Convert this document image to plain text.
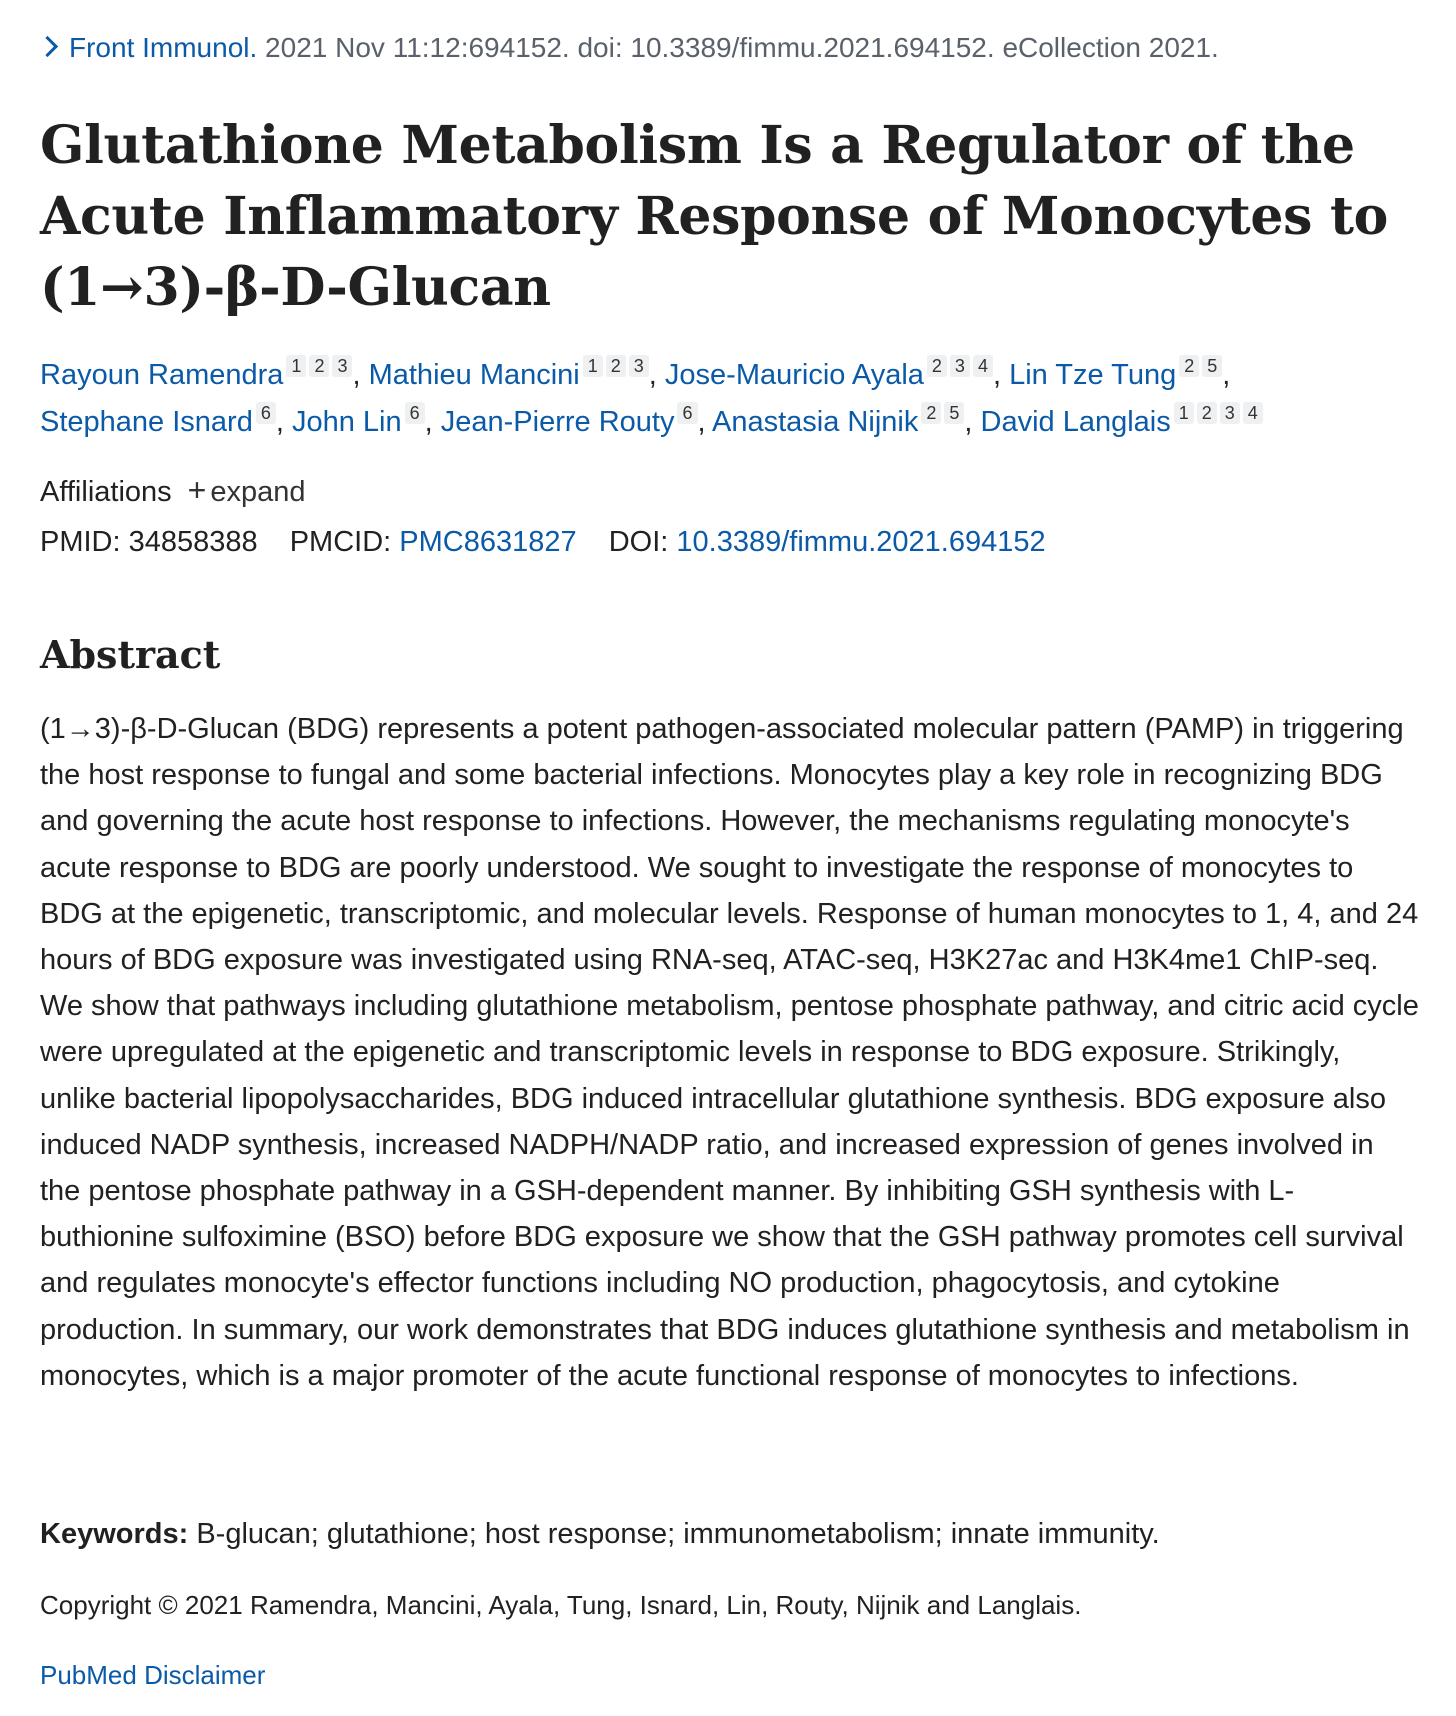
Front Immunol. 2021 Nov 11:12:694152. doi: 10.3389/fimmu.2021.694152. eCollection 2021.
Glutathione Metabolism Is a Regulator of the Acute Inflammatory Response of Monocytes to (1→3)-β-D-Glucan
Rayoun Ramendra $^1$ $^2$ $^3$ , Mathieu Mancini $^1$ $^2$ $^3$ , Jose-Mauricio Ayala $^2$ $^3$ $^4$ , Lin Tze Tung $^2$ $^5$ ,
Stephane Isnard $^6$ , John Lin $^6$ , Jean-Pierre Routy $^6$ , Anastasia Nijnik $^2$ $^5$ , David Langlais $^1$ $^2$ $^3$ $^4$
Affiliations + expand
PMID: 34858388 PMCID: PMC8631827 DOI: 10.3389/fimmu.2021.694152
Abstract
(1→3)-β-D-Glucan (BDG) represents a potent pathogen-associated molecular pattern (PAMP) in triggering the host response to fungal and some bacterial infections. Monocytes play a key role in recognizing BDG and governing the acute host response to infections. However, the mechanisms regulating monocyte's acute response to BDG are poorly understood. We sought to investigate the response of monocytes to BDG at the epigenetic, transcriptomic, and molecular levels. Response of human monocytes to 1, 4, and 24 hours of BDG exposure was investigated using RNA-seq, ATAC-seq, H3K27ac and H3K4me1 ChIP-seq. We show that pathways including glutathione metabolism, pentose phosphate pathway, and citric acid cycle were upregulated at the epigenetic and transcriptomic levels in response to BDG exposure. Strikingly, unlike bacterial lipopolysaccharides, BDG induced intracellular glutathione synthesis. BDG exposure also induced NADP synthesis, increased NADPH/NADP ratio, and increased expression of genes involved in the pentose phosphate pathway in a GSH-dependent manner. By inhibiting GSH synthesis with L-buthionine sulfoximine (BSO) before BDG exposure we show that the GSH pathway promotes cell survival and regulates monocyte's effector functions including NO production, phagocytosis, and cytokine production. In summary, our work demonstrates that BDG induces glutathione synthesis and metabolism in monocytes, which is a major promoter of the acute functional response of monocytes to infections.
Keywords: B-glucan; glutathione; host response; immunometabolism; innate immunity.
Copyright © 2021 Ramendra, Mancini, Ayala, Tung, Isnard, Lin, Routy, Nijnik and Langlais.
PubMed Disclaimer
